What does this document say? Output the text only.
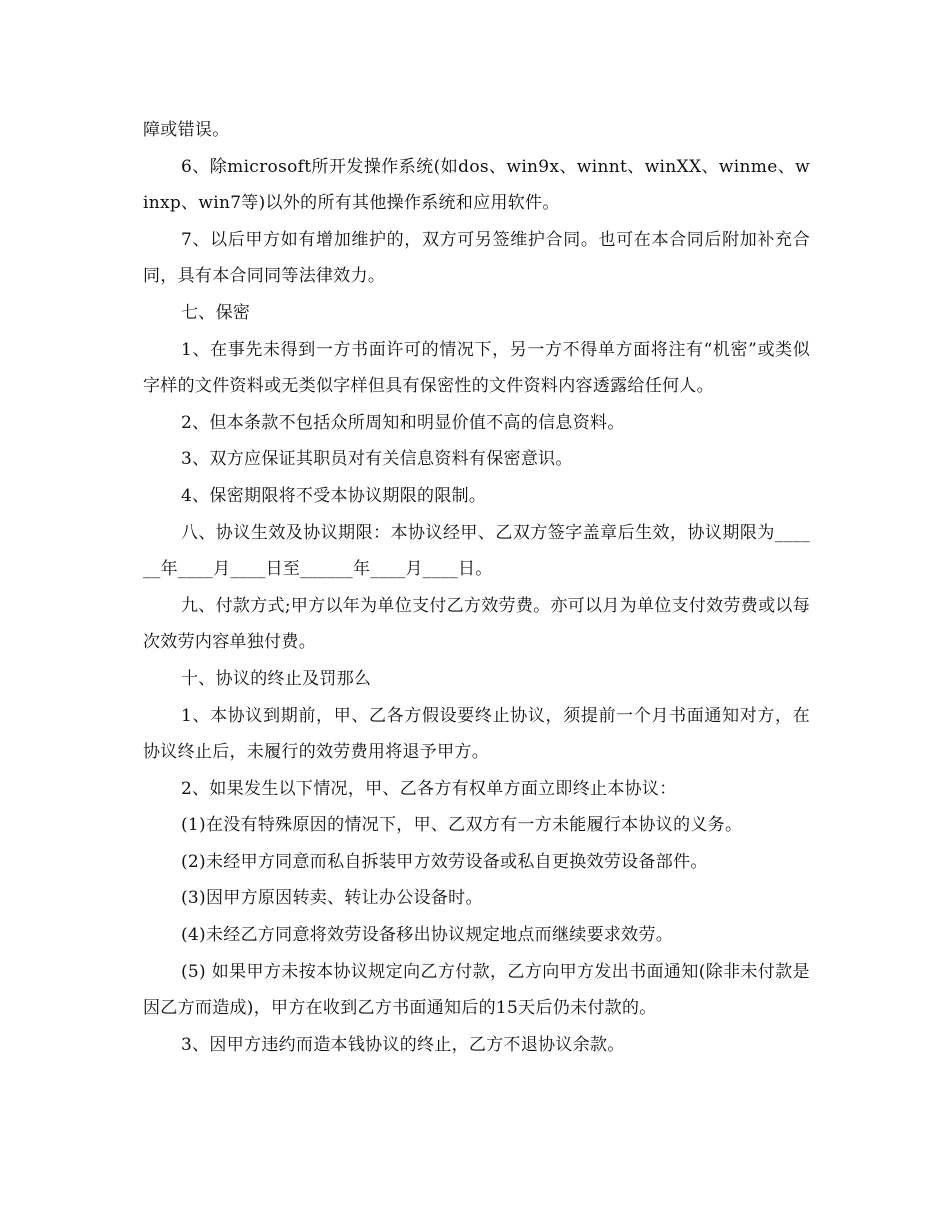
障或错误。

6、除microsoft所开发操作系统(如dos、win9x、winnt、winXX、winme、winxp、win7等)以外的所有其他操作系统和应用软件。

7、以后甲方如有增加维护的，双方可另签维护合同。也可在本合同后附加补充合同，具有本合同同等法律效力。

七、保密

1、在事先未得到一方书面许可的情况下，另一方不得单方面将注有“机密”或类似字样的文件资料或无类似字样但具有保密性的文件资料内容透露给任何人。

2、但本条款不包括众所周知和明显价值不高的信息资料。

3、双方应保证其职员对有关信息资料有保密意识。

4、保密期限将不受本协议期限的限制。

八、协议生效及协议期限：本协议经甲、乙双方签字盖章后生效，协议期限为______年____月____日至______年____月____日。

九、付款方式;甲方以年为单位支付乙方效劳费。亦可以月为单位支付效劳费或以每次效劳内容单独付费。

十、协议的终止及罚那么

1、本协议到期前，甲、乙各方假设要终止协议，须提前一个月书面通知对方，在协议终止后，未履行的效劳费用将退予甲方。

2、如果发生以下情况，甲、乙各方有权单方面立即终止本协议：

(1)在没有特殊原因的情况下，甲、乙双方有一方未能履行本协议的义务。

(2)未经甲方同意而私自拆装甲方效劳设备或私自更换效劳设备部件。

(3)因甲方原因转卖、转让办公设备时。

(4)未经乙方同意将效劳设备移出协议规定地点而继续要求效劳。

(5) 如果甲方未按本协议规定向乙方付款，乙方向甲方发出书面通知(除非未付款是因乙方而造成)，甲方在收到乙方书面通知后的15天后仍未付款的。

3、因甲方违约而造本钱协议的终止，乙方不退协议余款。
